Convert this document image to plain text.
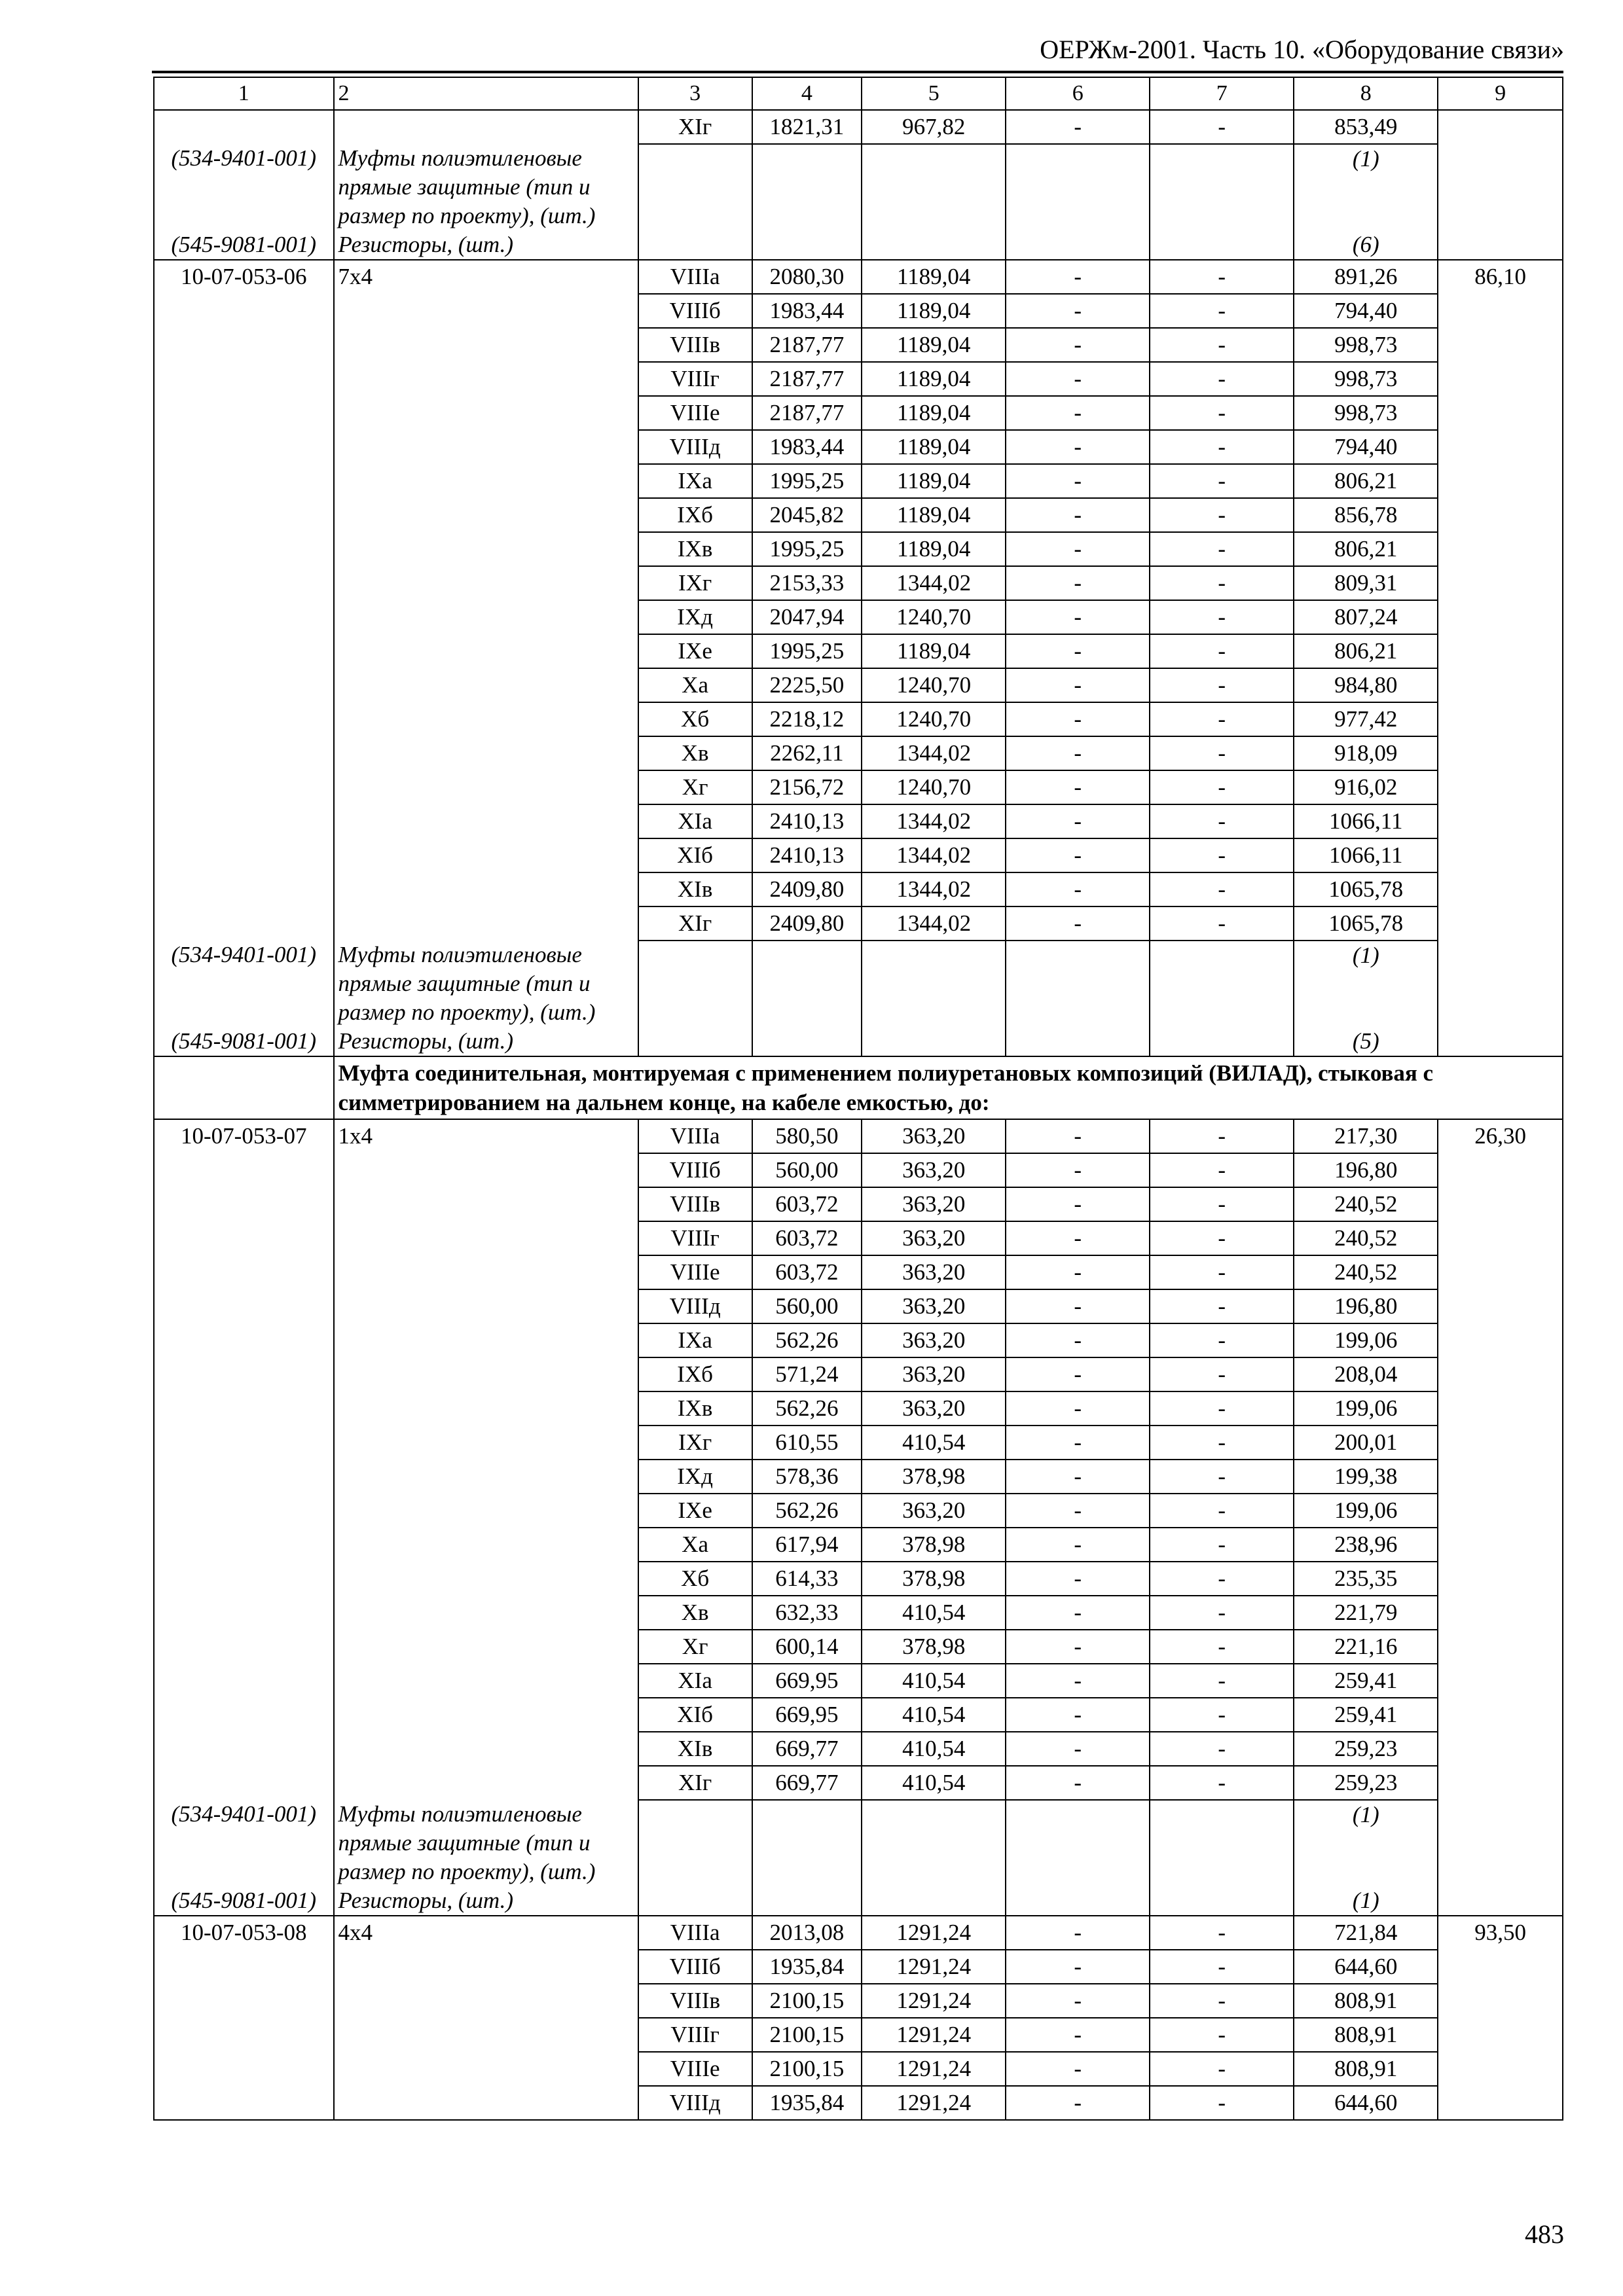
ОЕРЖм-2001. Часть 10. «Оборудование связи»
1	2	3	4	5	6	7	8	9
		XIг	1821,31	967,82	-	-	853,49	
(534-9401-001)	Муфты полиэтиленовые
прямые защитные (тип и
размер по проекту), (шт.)						(1)	
(545-9081-001)	Резисторы, (шт.)						(6)	
10-07-053-06	7х4	VIIIа	2080,30	1189,04	-	-	891,26	86,10
		VIIIб	1983,44	1189,04	-	-	794,40	
		VIIIв	2187,77	1189,04	-	-	998,73	
		VIIIг	2187,77	1189,04	-	-	998,73	
		VIIIе	2187,77	1189,04	-	-	998,73	
		VIIIд	1983,44	1189,04	-	-	794,40	
		IXа	1995,25	1189,04	-	-	806,21	
		IXб	2045,82	1189,04	-	-	856,78	
		IXв	1995,25	1189,04	-	-	806,21	
		IXг	2153,33	1344,02	-	-	809,31	
		IXд	2047,94	1240,70	-	-	807,24	
		IXе	1995,25	1189,04	-	-	806,21	
		Xа	2225,50	1240,70	-	-	984,80	
		Xб	2218,12	1240,70	-	-	977,42	
		Xв	2262,11	1344,02	-	-	918,09	
		Xг	2156,72	1240,70	-	-	916,02	
		XIа	2410,13	1344,02	-	-	1066,11	
		XIб	2410,13	1344,02	-	-	1066,11	
		XIв	2409,80	1344,02	-	-	1065,78	
		XIг	2409,80	1344,02	-	-	1065,78	
(534-9401-001)	Муфты полиэтиленовые
прямые защитные (тип и
размер по проекту), (шт.)						(1)	
(545-9081-001)	Резисторы, (шт.)						(5)	
	Муфта соединительная, монтируемая с применением полиуретановых композиций (ВИЛАД), стыковая с симметрированием на дальнем конце, на кабеле емкостью, до:							
10-07-053-07	1х4	VIIIа	580,50	363,20	-	-	217,30	26,30
		VIIIб	560,00	363,20	-	-	196,80	
		VIIIв	603,72	363,20	-	-	240,52	
		VIIIг	603,72	363,20	-	-	240,52	
		VIIIе	603,72	363,20	-	-	240,52	
		VIIIд	560,00	363,20	-	-	196,80	
		IXа	562,26	363,20	-	-	199,06	
		IXб	571,24	363,20	-	-	208,04	
		IXв	562,26	363,20	-	-	199,06	
		IXг	610,55	410,54	-	-	200,01	
		IXд	578,36	378,98	-	-	199,38	
		IXе	562,26	363,20	-	-	199,06	
		Xа	617,94	378,98	-	-	238,96	
		Xб	614,33	378,98	-	-	235,35	
		Xв	632,33	410,54	-	-	221,79	
		Xг	600,14	378,98	-	-	221,16	
		XIа	669,95	410,54	-	-	259,41	
		XIб	669,95	410,54	-	-	259,41	
		XIв	669,77	410,54	-	-	259,23	
		XIг	669,77	410,54	-	-	259,23	
(534-9401-001)	Муфты полиэтиленовые
прямые защитные (тип и
размер по проекту), (шт.)						(1)	
(545-9081-001)	Резисторы, (шт.)						(1)	
10-07-053-08	4х4	VIIIа	2013,08	1291,24	-	-	721,84	93,50
		VIIIб	1935,84	1291,24	-	-	644,60	
		VIIIв	2100,15	1291,24	-	-	808,91	
		VIIIг	2100,15	1291,24	-	-	808,91	
		VIIIе	2100,15	1291,24	-	-	808,91	
		VIIIд	1935,84	1291,24	-	-	644,60	
483
